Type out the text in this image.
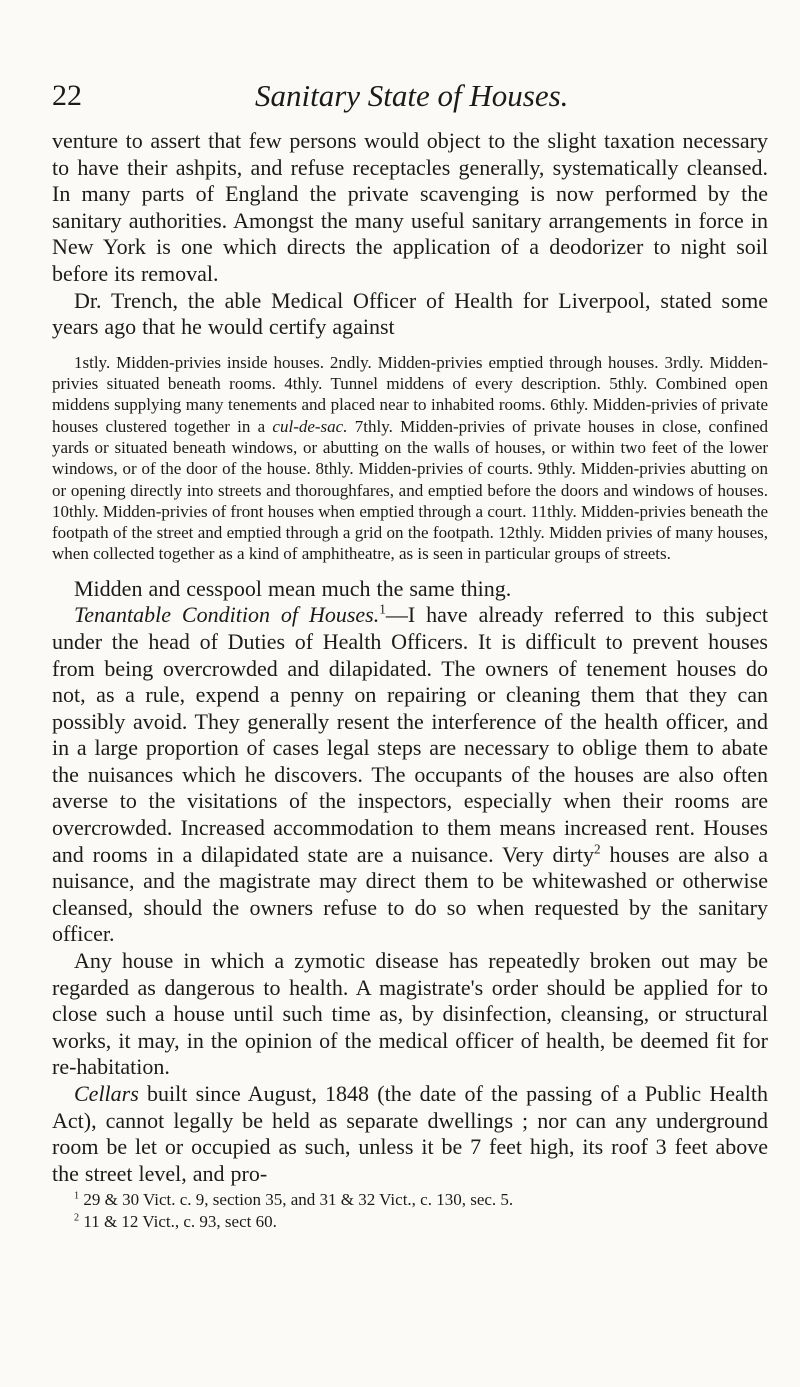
22	Sanitary State of Houses.

venture to assert that few persons would object to the slight taxation necessary to have their ashpits, and refuse receptacles generally, systematically cleansed. In many parts of England the private scavenging is now performed by the sanitary authorities. Amongst the many useful sanitary arrangements in force in New York is one which directs the application of a deodorizer to night soil before its removal.

Dr. Trench, the able Medical Officer of Health for Liverpool, stated some years ago that he would certify against

1stly. Midden-privies inside houses. 2ndly. Midden-privies emptied through houses. 3rdly. Midden-privies situated beneath rooms. 4thly. Tunnel middens of every description. 5thly. Combined open middens supplying many tenements and placed near to inhabited rooms. 6thly. Midden-privies of private houses clustered together in a cul-de-sac. 7thly. Midden-privies of private houses in close, confined yards or situated beneath windows, or abutting on the walls of houses, or within two feet of the lower windows, or of the door of the house. 8thly. Midden-privies of courts. 9thly. Midden-privies abutting on or opening directly into streets and thoroughfares, and emptied before the doors and windows of houses. 10thly. Midden-privies of front houses when emptied through a court. 11thly. Midden-privies beneath the footpath of the street and emptied through a grid on the footpath. 12thly. Midden privies of many houses, when collected together as a kind of amphitheatre, as is seen in particular groups of streets.

Midden and cesspool mean much the same thing.

Tenantable Condition of Houses.$^1$—I have already referred to this subject under the head of Duties of Health Officers. It is difficult to prevent houses from being overcrowded and dilapidated. The owners of tenement houses do not, as a rule, expend a penny on repairing or cleaning them that they can possibly avoid. They generally resent the interference of the health officer, and in a large proportion of cases legal steps are necessary to oblige them to abate the nuisances which he discovers. The occupants of the houses are also often averse to the visitations of the inspectors, especially when their rooms are overcrowded. Increased accommodation to them means increased rent. Houses and rooms in a dilapidated state are a nuisance. Very dirty$^2$ houses are also a nuisance, and the magistrate may direct them to be whitewashed or otherwise cleansed, should the owners refuse to do so when requested by the sanitary officer.

Any house in which a zymotic disease has repeatedly broken out may be regarded as dangerous to health. A magistrate's order should be applied for to close such a house until such time as, by disinfection, cleansing, or structural works, it may, in the opinion of the medical officer of health, be deemed fit for re-habitation.

Cellars built since August, 1848 (the date of the passing of a Public Health Act), cannot legally be held as separate dwellings ; nor can any underground room be let or occupied as such, unless it be 7 feet high, its roof 3 feet above the street level, and pro-

$^1$ 29 & 30 Vict. c. 9, section 35, and 31 & 32 Vict., c. 130, sec. 5.

$^2$ 11 & 12 Vict., c. 93, sect 60.
